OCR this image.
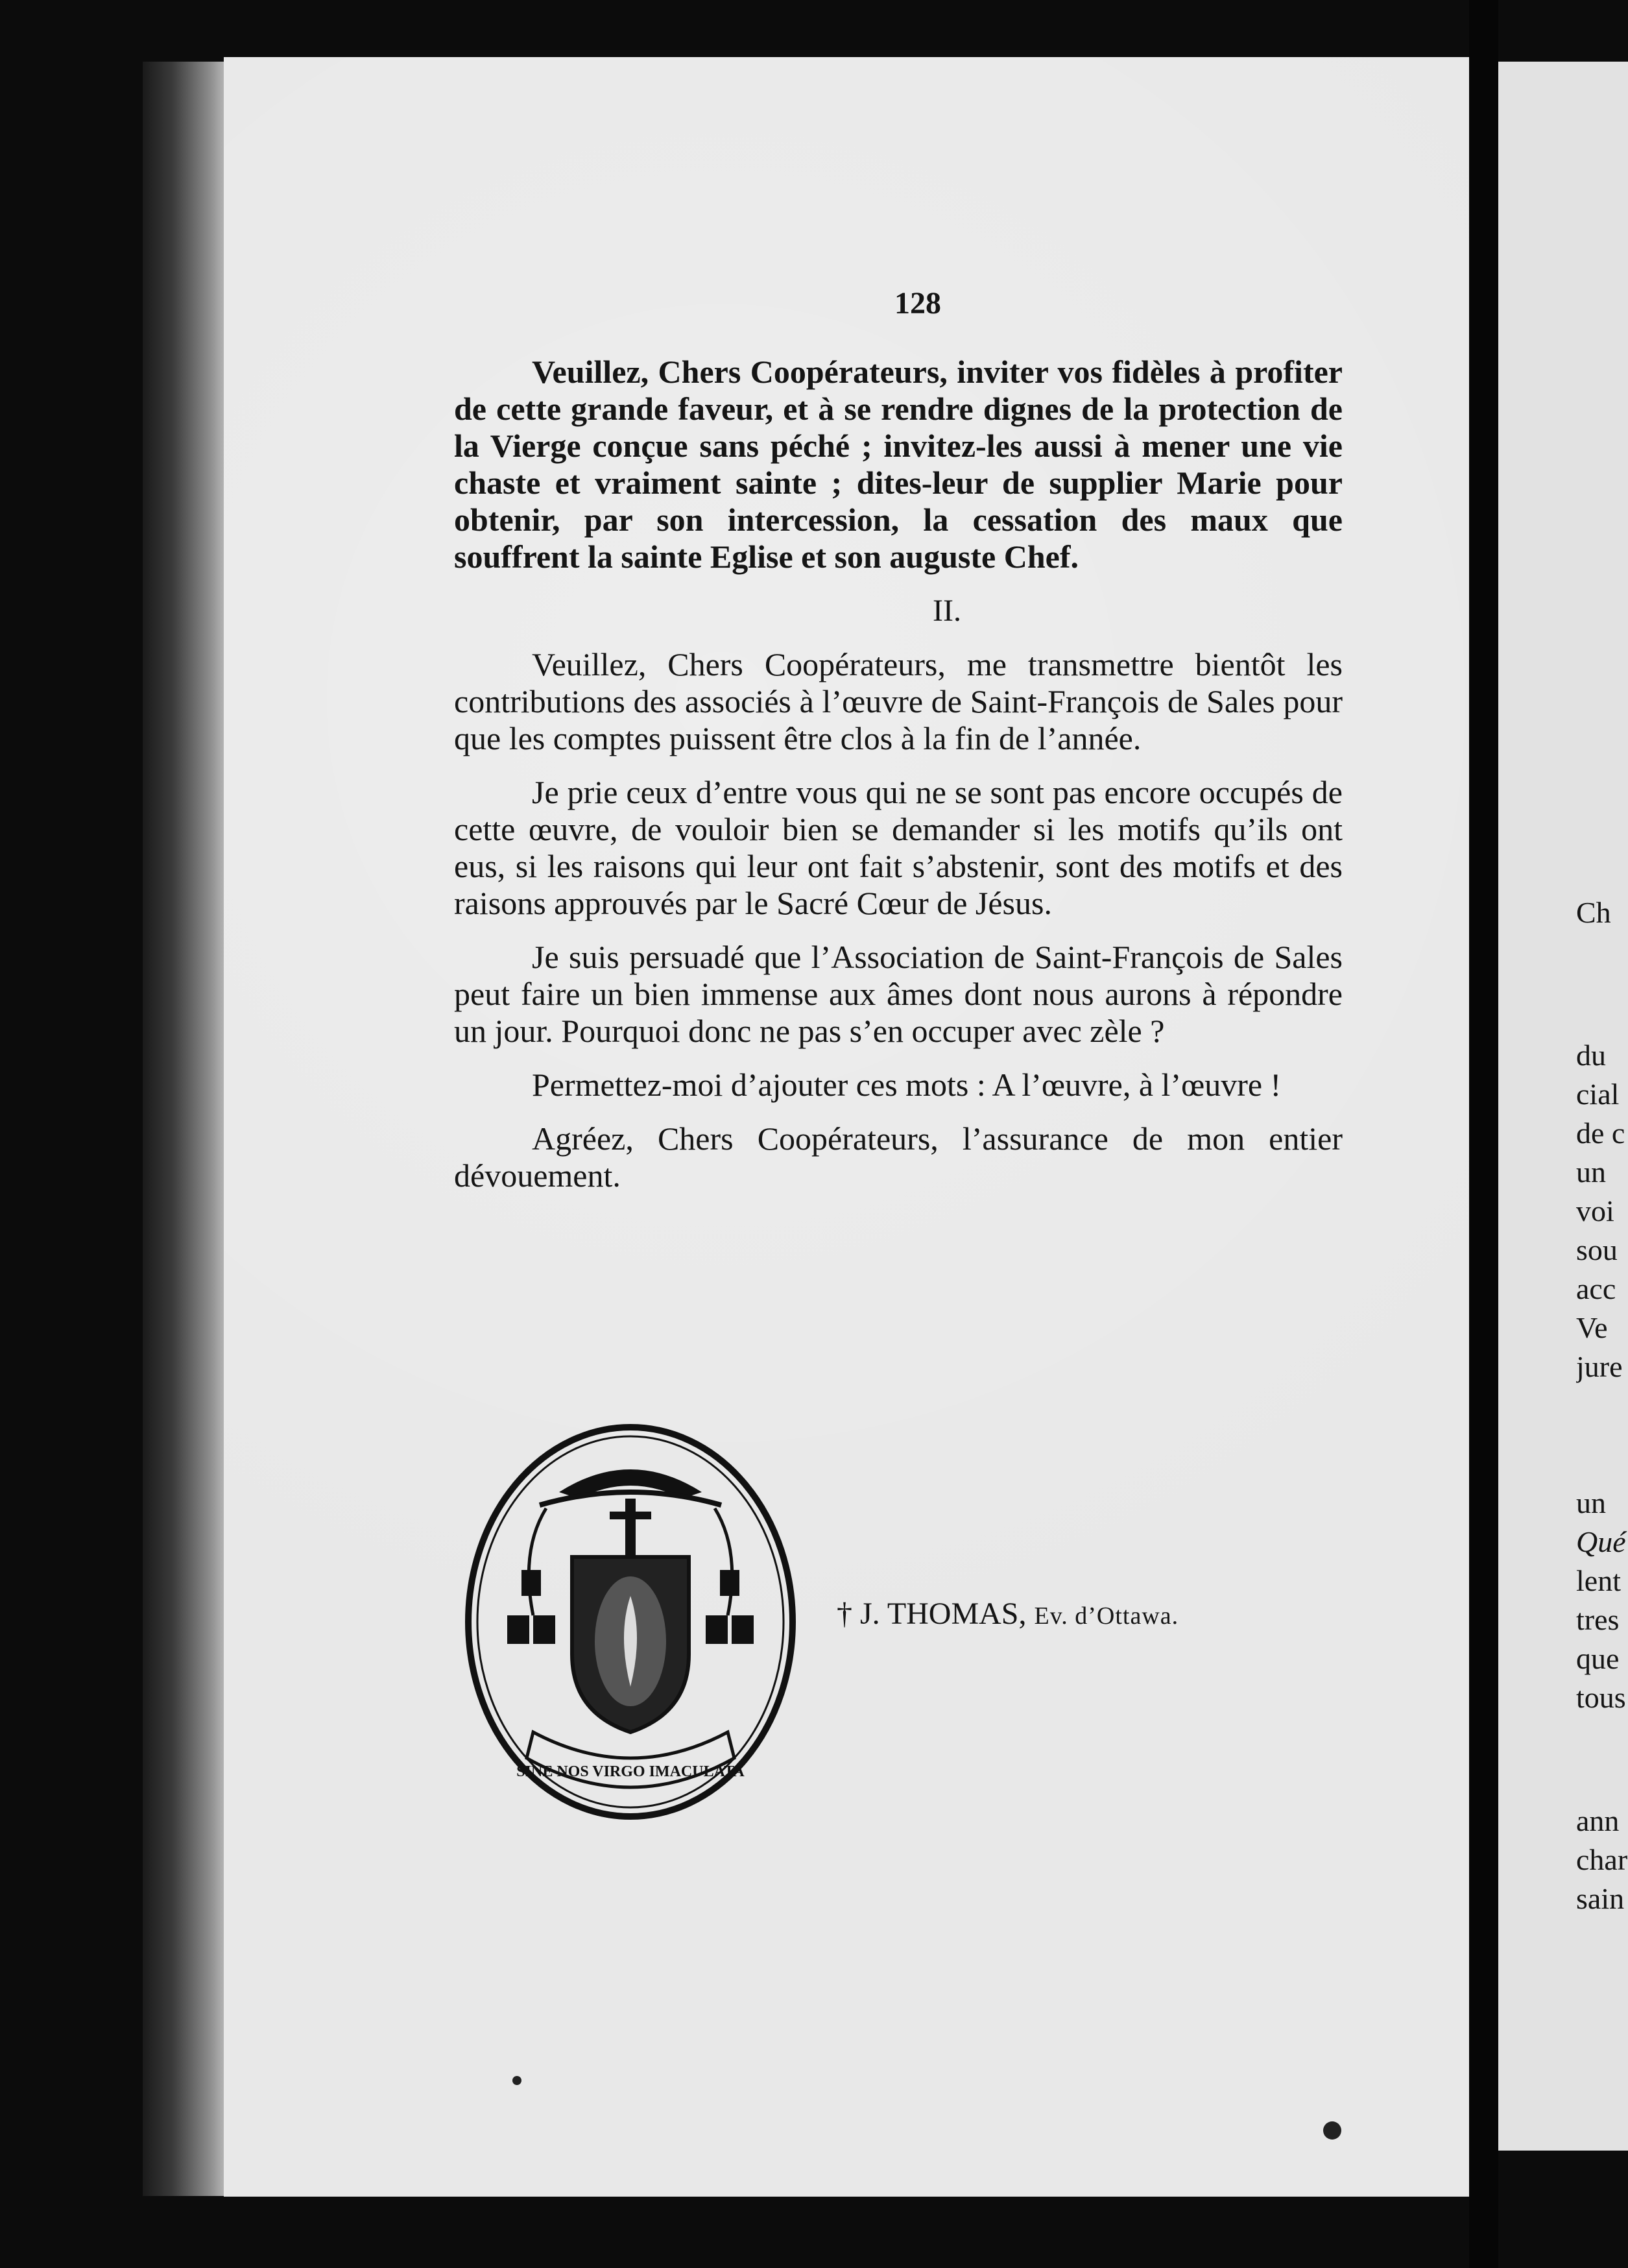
128

Veuillez, Chers Coopérateurs, inviter vos fidèles à profiter de cette grande faveur, et à se rendre dignes de la protection de la Vierge conçue sans péché ; invitez-les aussi à mener une vie chaste et vraiment sainte ; dites-leur de supplier Marie pour obtenir, par son intercession, la cessation des maux que souffrent la sainte Eglise et son auguste Chef.

II.

Veuillez, Chers Coopérateurs, me transmettre bientôt les contributions des associés à l’œuvre de Saint-François de Sales pour que les comptes puissent être clos à la fin de l’année.

Je prie ceux d’entre vous qui ne se sont pas encore occupés de cette œuvre, de vouloir bien se demander si les motifs qu’ils ont eus, si les raisons qui leur ont fait s’abstenir, sont des motifs et des raisons approuvés par le Sacré Cœur de Jésus.

Je suis persuadé que l’Association de Saint-François de Sales peut faire un bien immense aux âmes dont nous aurons à répondre un jour. Pourquoi donc ne pas s’en occuper avec zèle ?

Permettez-moi d’ajouter ces mots : A l’œuvre, à l’œuvre !

Agréez, Chers Coopérateurs, l’assurance de mon entier dévouement.

SINE NOS VIRGO IMACULATA
† J. THOMAS, Ev. d’Ottawa.
Ch
du
cial
de c
un
voi
sou
acc
Ve
jure
un
Qué
lent
tres
que
tous
ann
char
sain
